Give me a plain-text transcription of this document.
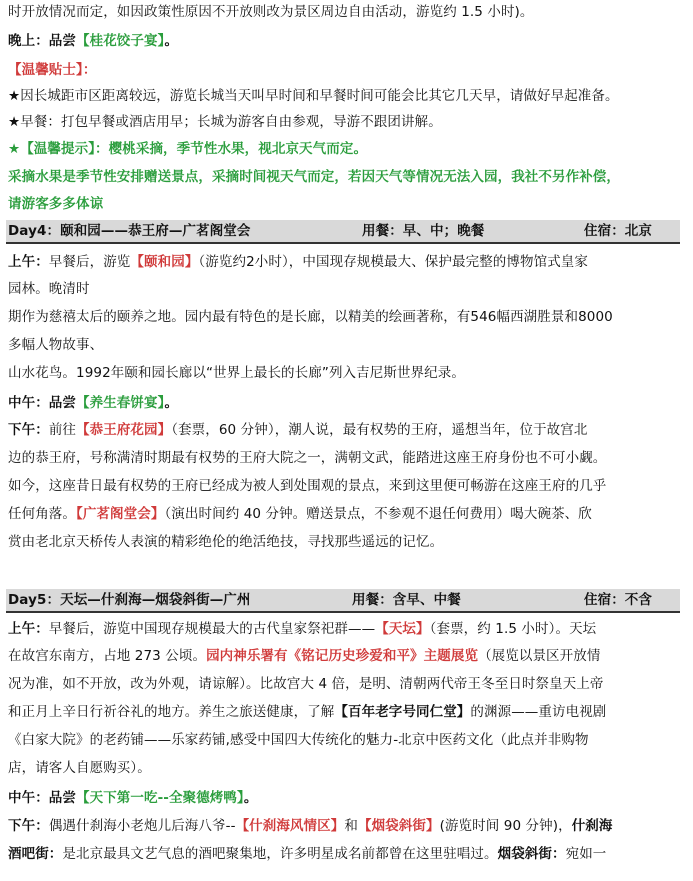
时开放情况而定，如因政策性原因不开放则改为景区周边自由活动，游览约 1.5 小时)。
晚上：品尝【桂花饺子宴】。
【温馨贴士】：
★因长城距市区距离较远，游览长城当天叫早时间和早餐时间可能会比其它几天早，请做好早起准备。
★早餐：打包早餐或酒店用早；长城为游客自由参观，导游不跟团讲解。
★【温馨提示】：樱桃采摘，季节性水果，视北京天气而定。
采摘水果是季节性安排赠送景点，采摘时间视天气而定，若因天气等情况无法入园，我社不另作补偿，
请游客多多体谅
Day4：颐和园——恭王府—广茗阁堂会	用餐：早、中；晚餐	住宿：北京
上午：早餐后，游览【颐和园】（游览约2小时），中国现存规模最大、保护最完整的博物馆式皇家
园林。晚清时
期作为慈禧太后的颐养之地。园内最有特色的是长廊，以精美的绘画著称，有546幅西湖胜景和8000
多幅人物故事、
山水花鸟。1992年颐和园长廊以“世界上最长的长廊”列入吉尼斯世界纪录。
中午：品尝【养生春饼宴】。
下午：前往【恭王府花园】（套票，60 分钟），潮人说，最有权势的王府，遥想当年，位于故宫北
边的恭王府，号称满清时期最有权势的王府大院之一，满朝文武，能踏进这座王府身份也不可小觑。
如今，这座昔日最有权势的王府已经成为被人到处围观的景点，来到这里便可畅游在这座王府的几乎
任何角落。【广茗阁堂会】（演出时间约 40 分钟。赠送景点，不参观不退任何费用）喝大碗茶、欣
赏由老北京天桥传人表演的精彩绝伦的绝活绝技，寻找那些遥远的记忆。
Day5：天坛—什刹海—烟袋斜街—广州	用餐：含早、中餐	住宿：不含
上午：早餐后，游览中国现存规模最大的古代皇家祭祀群——【天坛】（套票，约 1.5 小时）。天坛
在故宫东南方，占地 273 公顷。园内神乐署有《铭记历史珍爱和平》主题展览（展览以景区开放情
况为准，如不开放，改为外观，请谅解）。比故宫大 4 倍，是明、清朝两代帝王冬至日时祭皇天上帝
和正月上辛日行祈谷礼的地方。养生之旅送健康，了解【百年老字号同仁堂】的渊源——重访电视剧
《白家大院》的老药铺——乐家药铺,感受中国四大传统化的魅力-北京中医药文化（此点并非购物
店，请客人自愿购买）。
中午：品尝【天下第一吃--全聚德烤鸭】。
下午：偶遇什刹海小老炮儿后海八爷--【什刹海风情区】和【烟袋斜街】(游览时间 90 分钟)，什刹海
酒吧街：是北京最具文艺气息的酒吧聚集地，许多明星成名前都曾在这里驻唱过。烟袋斜街：宛如一
